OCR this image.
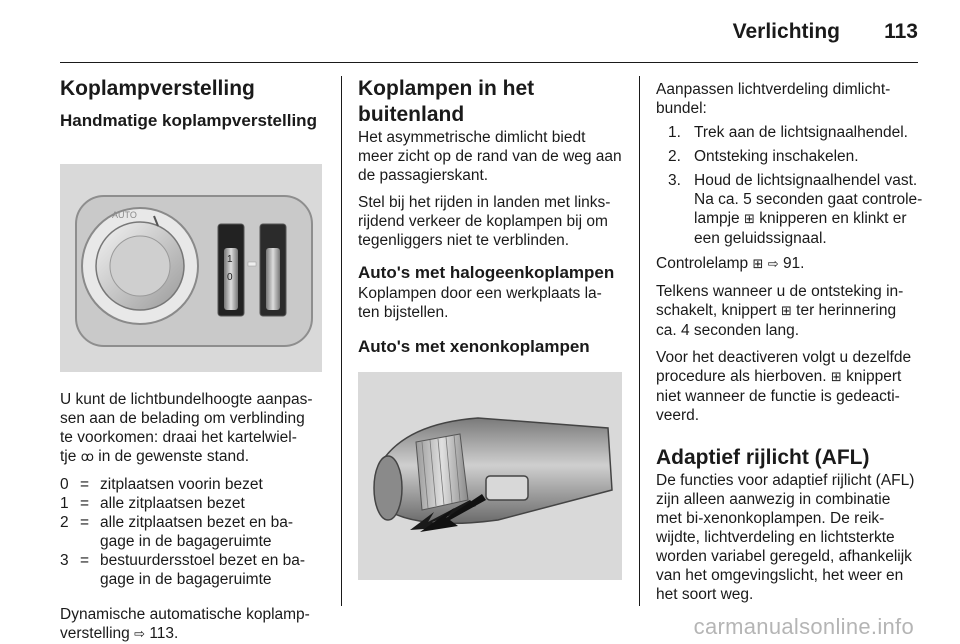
Verlichting 113
Koplampverstelling
Handmatige koplampverstelling
AUTO
1
0

U kunt de lichtbundelhoogte aanpas-

sen aan de belading om verblinding

te voorkomen: draai het kartelwiel-

tje ꝏ in de gewenste stand.

0	=	zitplaatsen voorin bezet
1	=	alle zitplaatsen bezet
2	=	alle zitplaatsen bezet en ba-
gage in de bagageruimte

3	=	bestuurdersstoel bezet en ba-
gage in de bagageruimte

Dynamische automatische koplamp-

verstelling ⇨ 113.

Koplampen in het buitenland

Het asymmetrische dimlicht biedt

meer zicht op de rand van de weg aan

de passagierskant.

Stel bij het rijden in landen met links-

rijdend verkeer de koplampen bij om

tegenliggers niet te verblinden.

Auto's met halogeenkoplampen

Koplampen door een werkplaats la-

ten bijstellen.

Auto's met xenonkoplampen

Aanpassen lichtverdeling dimlicht-

bundel:

1. Trek aan de lichtsignaalhendel.
2. Ontsteking inschakelen.
3. Houd de lichtsignaalhendel vast.
Na ca. 5 seconden gaat controle-
lampje ⊞ knipperen en klinkt er
een geluidssignaal.

Controlelamp ⊞ ⇨ 91.

Telkens wanneer u de ontsteking in-

schakelt, knippert ⊞ ter herinnering

ca. 4 seconden lang.

Voor het deactiveren volgt u dezelfde

procedure als hierboven. ⊞ knippert

niet wanneer de functie is gedeacti-

veerd.

Adaptief rijlicht (AFL)

De functies voor adaptief rijlicht (AFL)

zijn alleen aanwezig in combinatie

met bi-xenonkoplampen. De reik-

wijdte, lichtverdeling en lichtsterkte

worden variabel geregeld, afhankelijk

van het omgevingslicht, het weer en

het soort weg.

carmanualsonline.info
